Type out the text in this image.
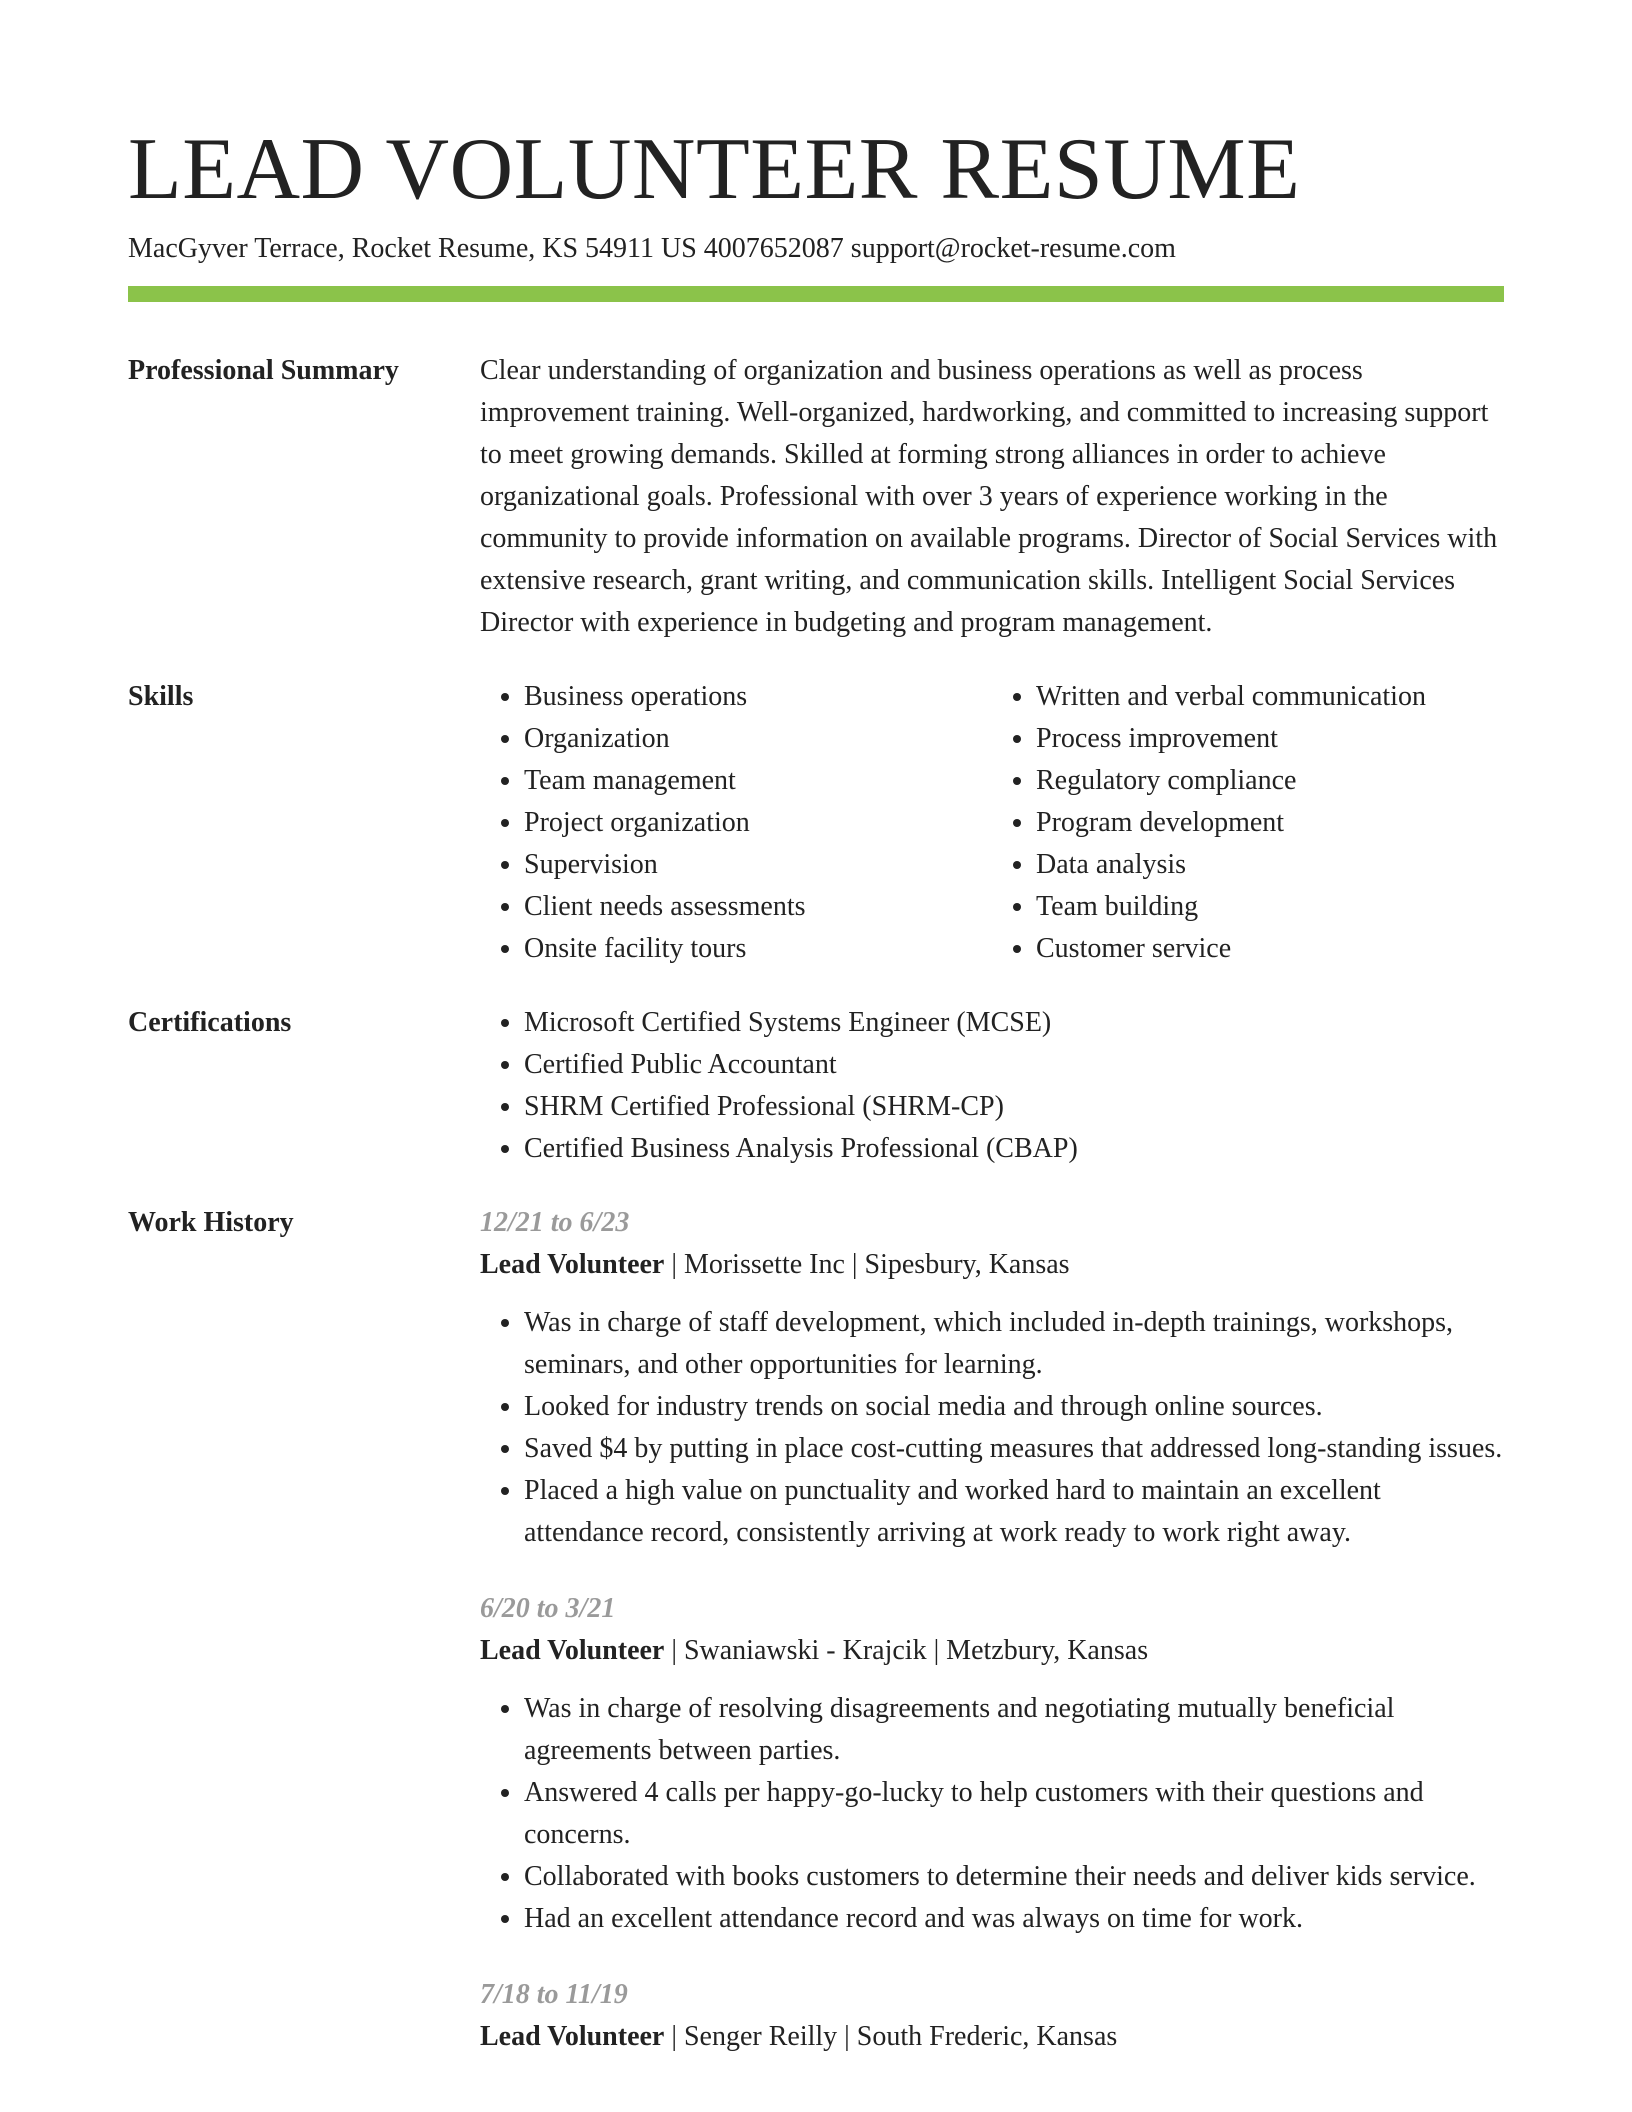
LEAD VOLUNTEER RESUME
MacGyver Terrace, Rocket Resume, KS 54911 US 4007652087 support@rocket-resume.com
Professional Summary	Clear understanding of organization and business operations as well as process improvement training. Well-organized, hardworking, and committed to increasing support to meet growing demands. Skilled at forming strong alliances in order to achieve organizational goals. Professional with over 3 years of experience working in the community to provide information on available programs. Director of Social Services with extensive research, grant writing, and communication skills. Intelligent Social Services Director with experience in budgeting and program management.

Skills	• Business operations
• Organization
• Team management
• Project organization
• Supervision
• Client needs assessments
• Onsite facility tours
• Written and verbal communication
• Process improvement
• Regulatory compliance
• Program development
• Data analysis
• Team building
• Customer service
Certifications	• Microsoft Certified Systems Engineer (MCSE)
• Certified Public Accountant
• SHRM Certified Professional (SHRM-CP)
• Certified Business Analysis Professional (CBAP)
Work History	12/21 to 6/23
Lead Volunteer | Morissette Inc | Sipesbury, Kansas
• Was in charge of staff development, which included in-depth trainings, workshops, seminars, and other opportunities for learning.
• Looked for industry trends on social media and through online sources.
• Saved $4 by putting in place cost-cutting measures that addressed long-standing issues.
• Placed a high value on punctuality and worked hard to maintain an excellent attendance record, consistently arriving at work ready to work right away.
6/20 to 3/21
Lead Volunteer | Swaniawski - Krajcik | Metzbury, Kansas
• Was in charge of resolving disagreements and negotiating mutually beneficial agreements between parties.
• Answered 4 calls per happy-go-lucky to help customers with their questions and concerns.
• Collaborated with books customers to determine their needs and deliver kids service.
• Had an excellent attendance record and was always on time for work.
7/18 to 11/19
Lead Volunteer | Senger Reilly | South Frederic, Kansas
